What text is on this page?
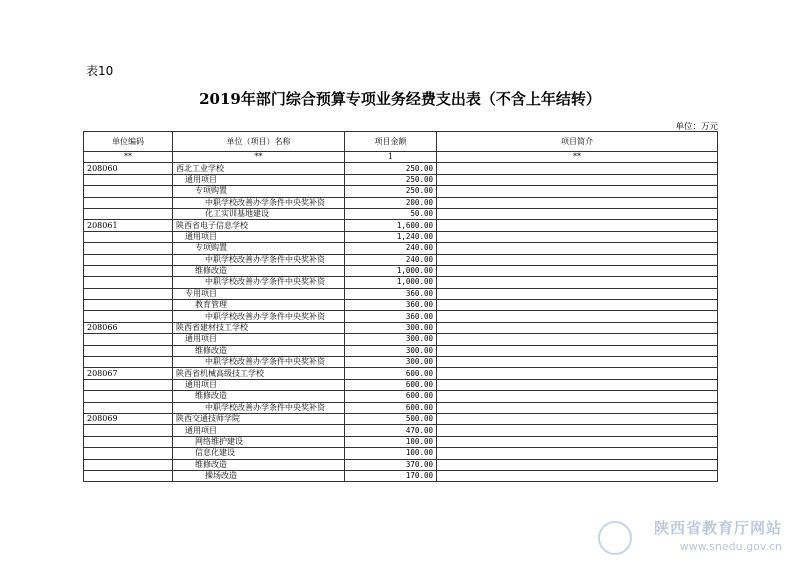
表10
2019年部门综合预算专项业务经费支出表（不含上年结转）
单位：万元
单位编码	单位（项目）名称	项目金额	项目简介
**	**	1	**
208060	西北工业学校	250.00	
	通用项目	250.00	
	专项购置	250.00	
	中职学校改善办学条件中央奖补资	200.00	
	化工实训基地建设	50.00	
208061	陕西省电子信息学校	1,600.00	
	通用项目	1,240.00	
	专项购置	240.00	
	中职学校改善办学条件中央奖补资	240.00	
	维修改造	1,000.00	
	中职学校改善办学条件中央奖补资	1,000.00	
	专用项目	360.00	
	教育管理	360.00	
	中职学校改善办学条件中央奖补资	360.00	
208066	陕西省建材技工学校	300.00	
	通用项目	300.00	
	维修改造	300.00	
	中职学校改善办学条件中央奖补资	300.00	
208067	陕西省机械高级技工学校	600.00	
	通用项目	600.00	
	维修改造	600.00	
	中职学校改善办学条件中央奖补资	600.00	
208069	陕西交通技师学院	500.00	
	通用项目	470.00	
	网络维护建设	100.00	
	信息化建设	100.00	
	维修改造	370.00	
	操场改造	170.00	
陕西省教育厅网站
www.snedu.gov.cn
